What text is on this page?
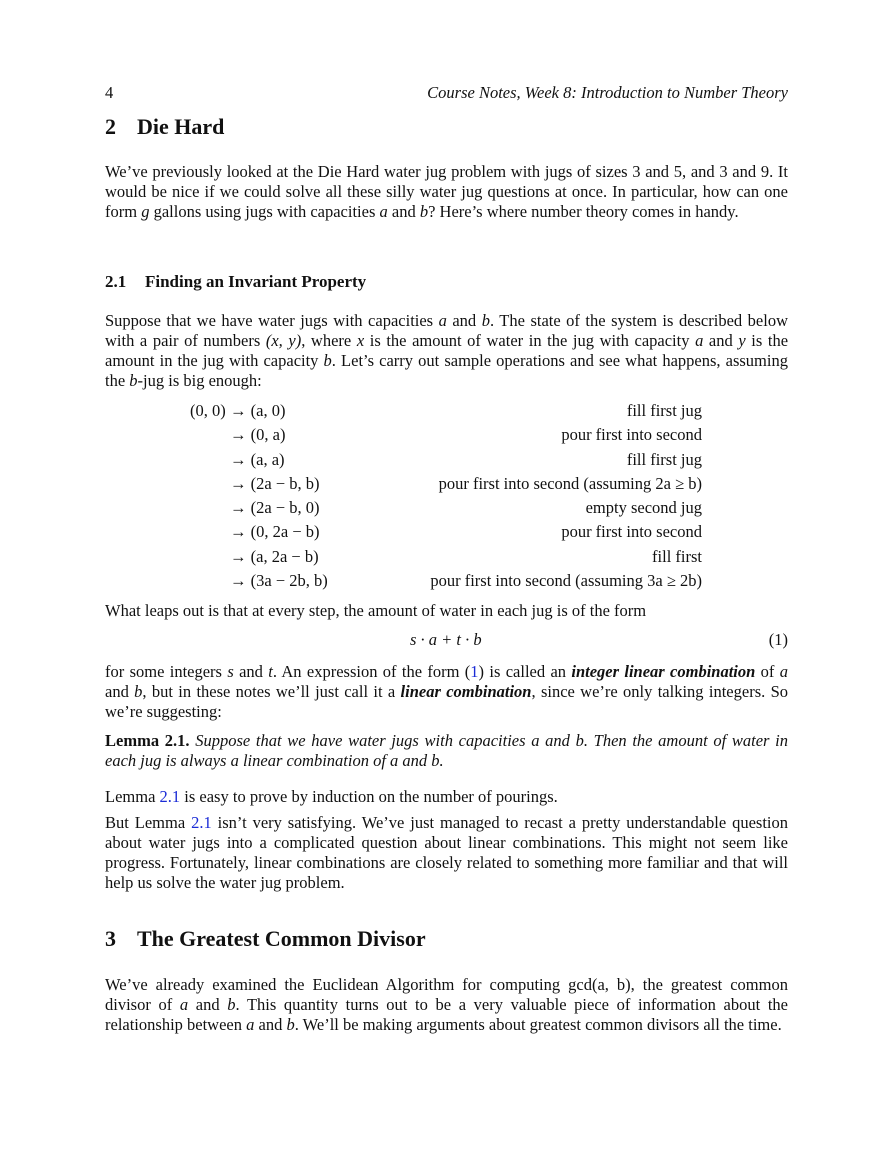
4	Course Notes, Week 8: Introduction to Number Theory
2 Die Hard

We’ve previously looked at the Die Hard water jug problem with jugs of sizes 3 and 5, and 3 and 9. It would be nice if we could solve all these silly water jug questions at once. In particular, how can one form g gallons using jugs with capacities a and b? Here’s where number theory comes in handy.

2.1 Finding an Invariant Property

Suppose that we have water jugs with capacities a and b. The state of the system is described below with a pair of numbers (x, y), where x is the amount of water in the jug with capacity a and y is the amount in the jug with capacity b. Let’s carry out sample operations and see what happens, assuming the b-jug is big enough:

(0, 0) → (a, 0)	fill first jug
→ (0, a)	pour first into second
→ (a, a)	fill first jug
→ (2a − b, b)	pour first into second (assuming 2a ≥ b)
→ (2a − b, 0)	empty second jug
→ (0, 2a − b)	pour first into second
→ (a, 2a − b)	fill first
→ (3a − 2b, b)	pour first into second (assuming 3a ≥ 2b)

What leaps out is that at every step, the amount of water in each jug is of the form

s · a + t · b	(1)

for some integers s and t. An expression of the form (1) is called an integer linear combination of a and b, but in these notes we’ll just call it a linear combination, since we’re only talking integers. So we’re suggesting:

Lemma 2.1. Suppose that we have water jugs with capacities a and b. Then the amount of water in each jug is always a linear combination of a and b.

Lemma 2.1 is easy to prove by induction on the number of pourings.

But Lemma 2.1 isn’t very satisfying. We’ve just managed to recast a pretty understandable question about water jugs into a complicated question about linear combinations. This might not seem like progress. Fortunately, linear combinations are closely related to something more familiar and that will help us solve the water jug problem.

3 The Greatest Common Divisor

We’ve already examined the Euclidean Algorithm for computing gcd(a, b), the greatest common divisor of a and b. This quantity turns out to be a very valuable piece of information about the relationship between a and b. We’ll be making arguments about greatest common divisors all the time.
